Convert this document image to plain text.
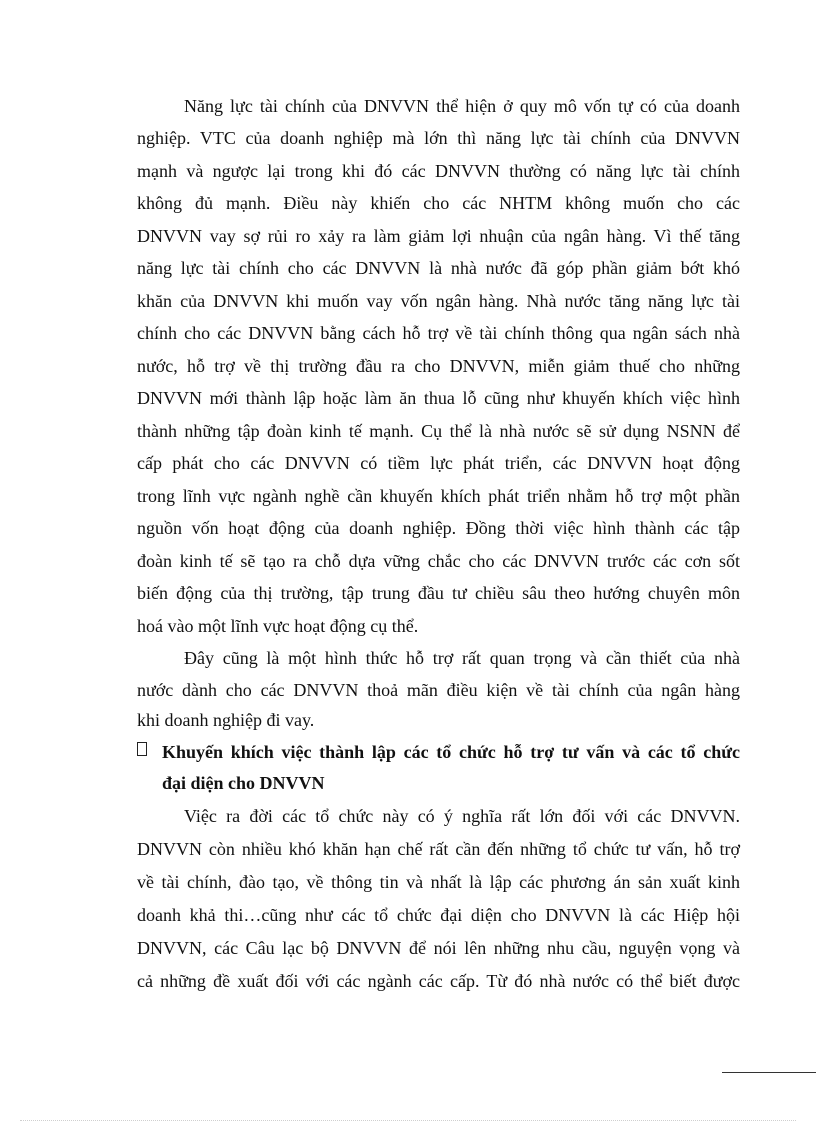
Năng lực tài chính của DNVVN thể hiện ở quy mô vốn tự có của doanh
nghiệp. VTC của doanh nghiệp mà lớn thì năng lực tài chính của DNVVN
mạnh và ngược lại trong khi đó các DNVVN thường có năng lực tài chính
không đủ mạnh. Điều này khiến cho các NHTM không muốn cho các
DNVVN vay sợ rủi ro xảy ra làm giảm lợi nhuận của ngân hàng. Vì thế tăng
năng lực tài chính cho các DNVVN là nhà nước đã góp phần giảm bớt khó
khăn của DNVVN khi muốn vay vốn ngân hàng. Nhà nước tăng năng lực tài
chính cho các DNVVN bằng cách hỗ trợ về tài chính thông qua ngân sách nhà
nước, hỗ trợ về thị trường đầu ra cho DNVVN, miễn giảm thuế cho những
DNVVN mới thành lập hoặc làm ăn thua lỗ cũng như khuyến khích việc hình
thành những tập đoàn kinh tế mạnh. Cụ thể là nhà nước sẽ sử dụng NSNN để
cấp phát cho các DNVVN có tiềm lực phát triển, các DNVVN hoạt động
trong lĩnh vực ngành nghề cần khuyến khích phát triển nhằm hỗ trợ một phần
nguồn vốn hoạt động của doanh nghiệp. Đồng thời việc hình thành các tập
đoàn kinh tế sẽ tạo ra chỗ dựa vững chắc cho các DNVVN trước các cơn sốt
biến động của thị trường, tập trung đầu tư chiều sâu theo hướng chuyên môn
hoá vào một lĩnh vực hoạt động cụ thể.
Đây cũng là một hình thức hỗ trợ rất quan trọng và cần thiết của nhà
nước dành cho các DNVVN thoả mãn điều kiện về tài chính của ngân hàng
khi doanh nghiệp đi vay.
Khuyến khích việc thành lập các tổ chức hỗ trợ tư vấn và các tổ chức
đại diện cho DNVVN
Việc ra đời các tổ chức này có ý nghĩa rất lớn đối với các DNVVN.
DNVVN còn nhiều khó khăn hạn chế rất cần đến những tổ chức tư vấn, hỗ trợ
về tài chính, đào tạo, về thông tin và nhất là lập các phương án sản xuất kinh
doanh khả thi…cũng như các tổ chức đại diện cho DNVVN là các Hiệp hội
DNVVN, các Câu lạc bộ DNVVN để nói lên những nhu cầu, nguyện vọng và
cả những đề xuất đối với các ngành các cấp. Từ đó nhà nước có thể biết được
